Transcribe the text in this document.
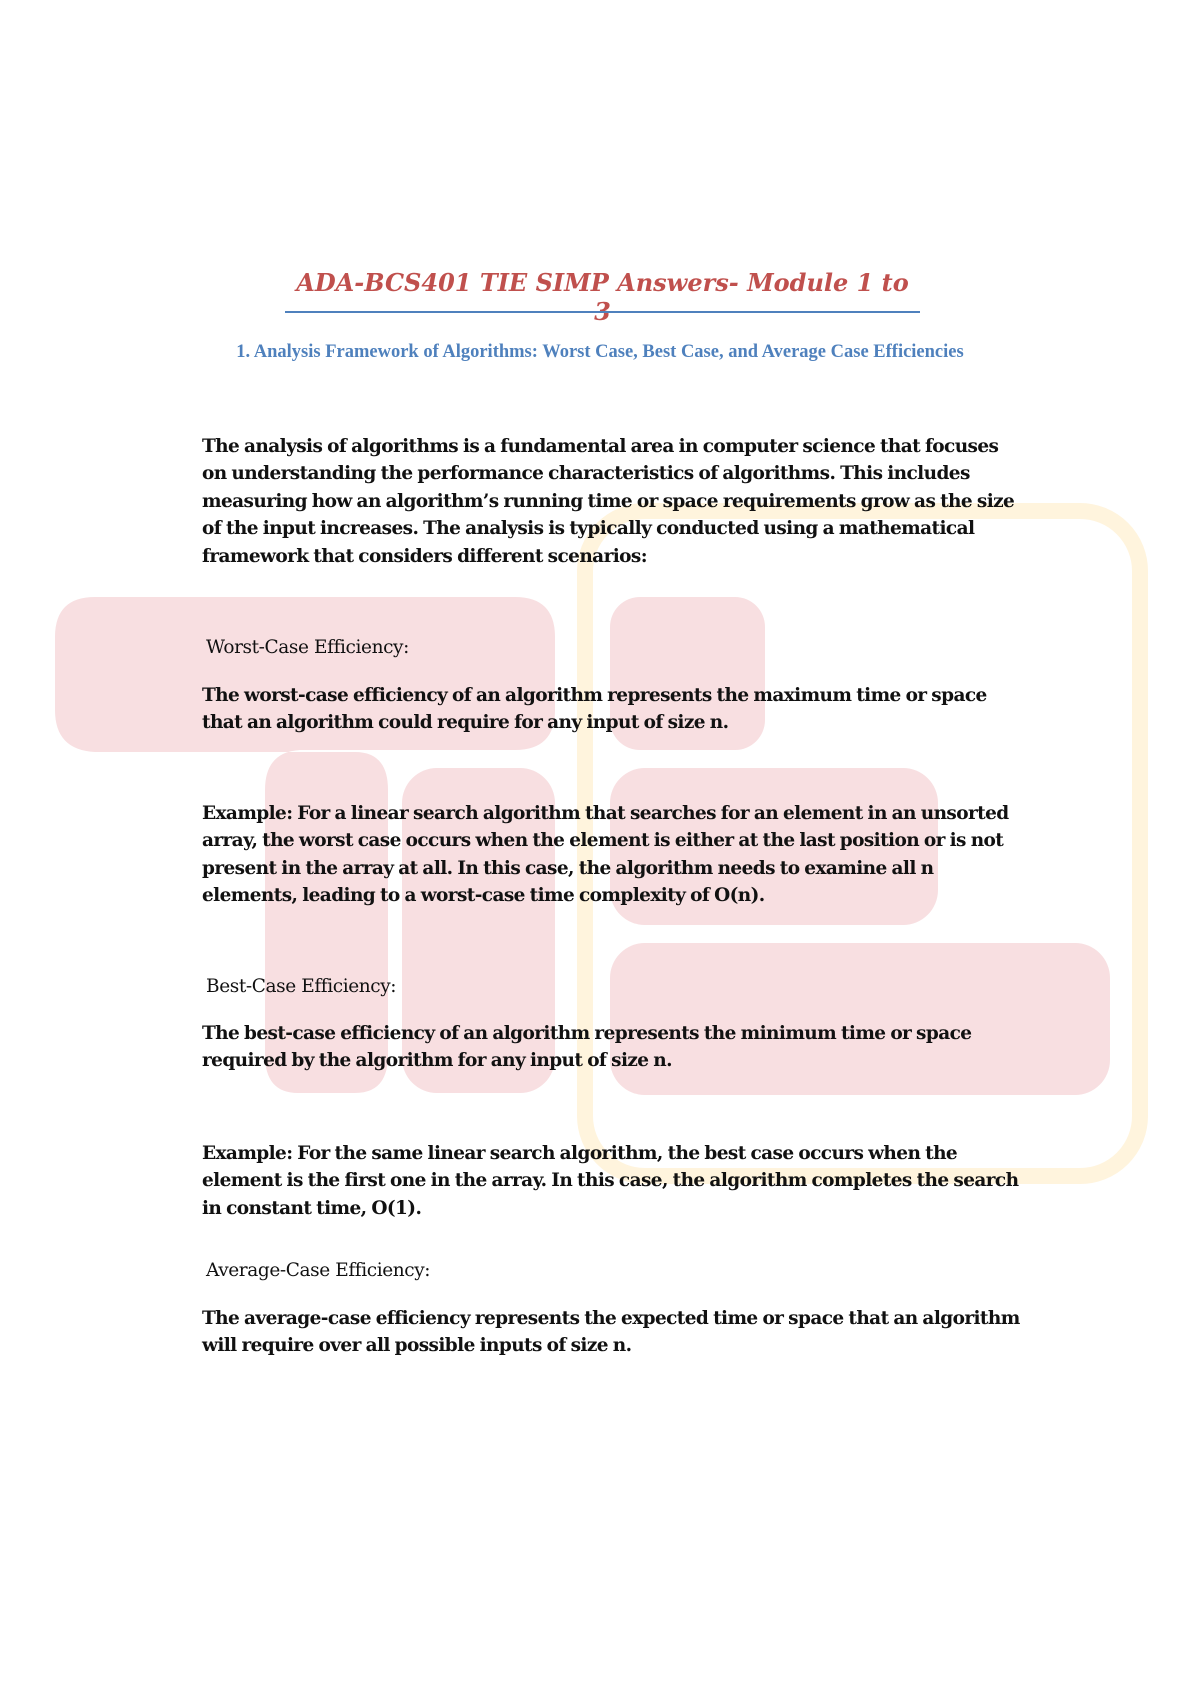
ADA-BCS401 TIE SIMP Answers- Module 1 to 3
1. Analysis Framework of Algorithms: Worst Case, Best Case, and Average Case Efficiencies

The analysis of algorithms is a fundamental area in computer science that focuses on understanding the performance characteristics of algorithms. This includes measuring how an algorithm’s running time or space requirements grow as the size of the input increases. The analysis is typically conducted using a mathematical framework that considers different scenarios:

Worst-Case Efficiency:

The worst-case efficiency of an algorithm represents the maximum time or space that an algorithm could require for any input of size n.

Example: For a linear search algorithm that searches for an element in an unsorted array, the worst case occurs when the element is either at the last position or is not present in the array at all. In this case, the algorithm needs to examine all n elements, leading to a worst-case time complexity of O(n).

Best-Case Efficiency:

The best-case efficiency of an algorithm represents the minimum time or space required by the algorithm for any input of size n.

Example: For the same linear search algorithm, the best case occurs when the element is the first one in the array. In this case, the algorithm completes the search in constant time, O(1).

Average-Case Efficiency:

The average-case efficiency represents the expected time or space that an algorithm will require over all possible inputs of size n.
